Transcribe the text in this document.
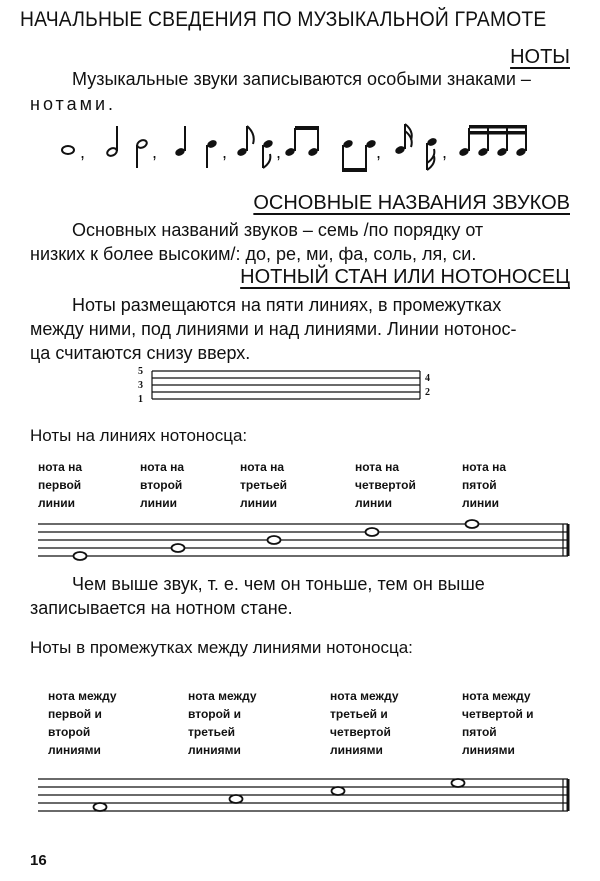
НАЧАЛЬНЫЕ СВЕДЕНИЯ ПО МУЗЫКАЛЬНОЙ ГРАМОТЕ
НОТЫ
Музыкальные звуки записываются особыми знаками –
нотами.
,	,	,	,	,	,
ОСНОВНЫЕ НАЗВАНИЯ ЗВУКОВ
Основных названий звуков – семь /по порядку от
низких к более высоким/: до, ре, ми, фа, соль, ля, си.
НОТНЫЙ СТАН ИЛИ НОТОНОСЕЦ
Ноты размещаются на пяти линиях, в промежутках
между ними, под линиями и над линиями. Линии нотонос-
ца считаются снизу вверх.
5
3
1
4
2
Ноты на линиях нотоносца:
нота на
первой
линии
нота на
второй
линии
нота на
третьей
линии
нота на
четвертой
линии
нота на
пятой
линии
Чем выше звук, т. е. чем он тоньше, тем он выше
записывается на нотном стане.
Ноты в промежутках между линиями нотоносца:
нота между
первой и
второй
линиями
нота между
второй и
третьей
линиями
нота между
третьей и
четвертой
линиями
нота между
четвертой и
пятой
линиями
16
